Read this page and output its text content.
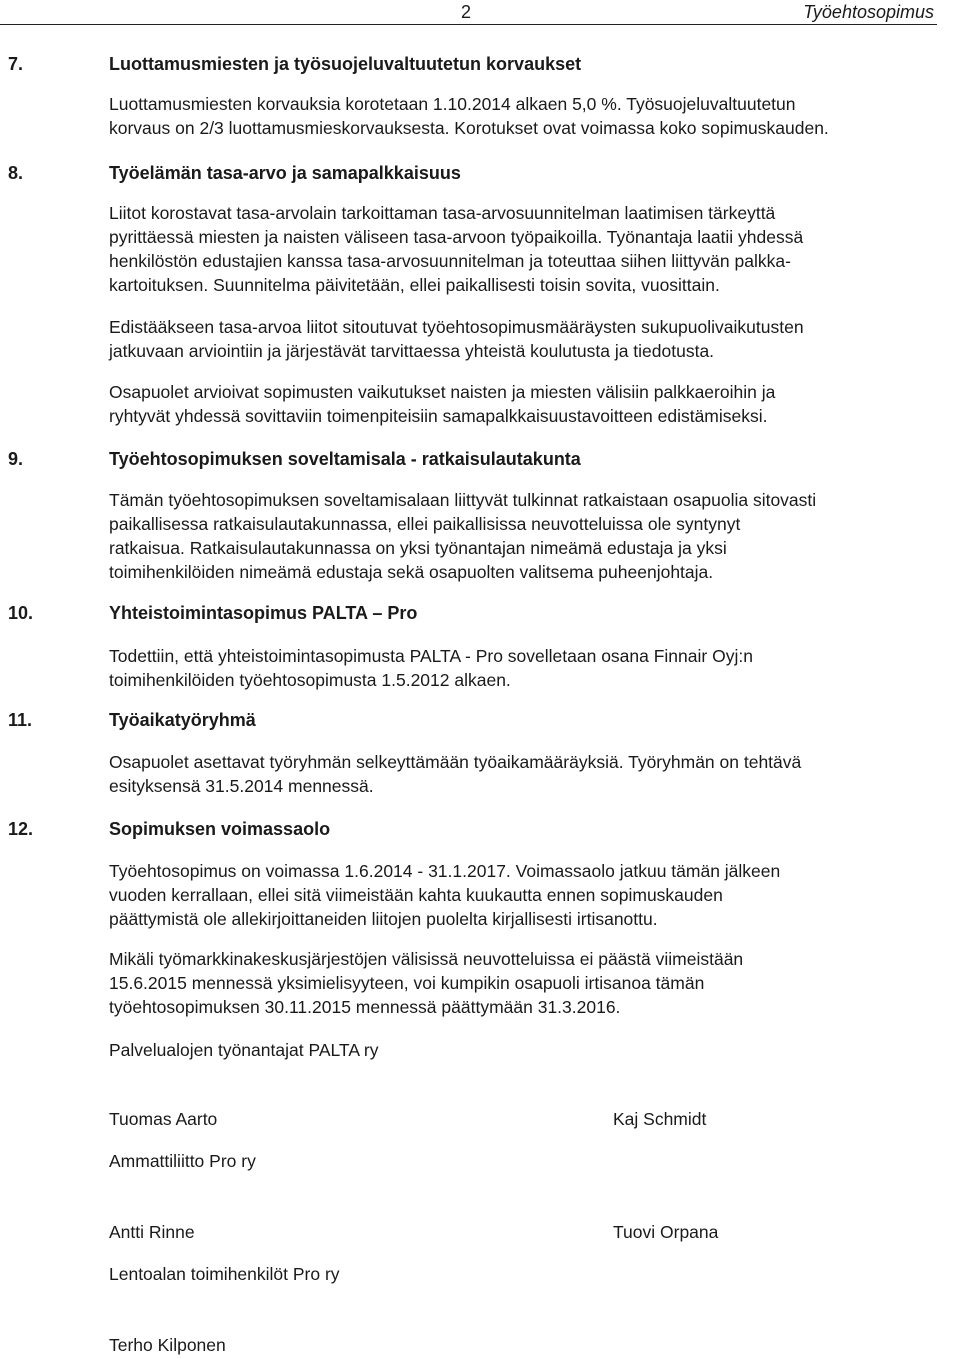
2	Työehtosopimus
7.	Luottamusmiesten ja työsuojeluvaltuutetun korvaukset
Luottamusmiesten korvauksia korotetaan 1.10.2014 alkaen 5,0 %. Työsuojeluvaltuutetun
korvaus on 2/3 luottamusmieskorvauksesta. Korotukset ovat voimassa koko sopimuskauden.
8.	Työelämän tasa-arvo ja samapalkkaisuus
Liitot korostavat tasa-arvolain tarkoittaman tasa-arvosuunnitelman laatimisen tärkeyttä
pyrittäessä miesten ja naisten väliseen tasa-arvoon työpaikoilla. Työnantaja laatii yhdessä
henkilöstön edustajien kanssa tasa-arvosuunnitelman ja toteuttaa siihen liittyvän palkka-
kartoituksen. Suunnitelma päivitetään, ellei paikallisesti toisin sovita, vuosittain.
Edistääkseen tasa-arvoa liitot sitoutuvat työehtosopimusmääräysten sukupuolivaikutusten
jatkuvaan arviointiin ja järjestävät tarvittaessa yhteistä koulutusta ja tiedotusta.
Osapuolet arvioivat sopimusten vaikutukset naisten ja miesten välisiin palkkaeroihin ja
ryhtyvät yhdessä sovittaviin toimenpiteisiin samapalkkaisuustavoitteen edistämiseksi.
9.	Työehtosopimuksen soveltamisala - ratkaisulautakunta
Tämän työehtosopimuksen soveltamisalaan liittyvät tulkinnat ratkaistaan osapuolia sitovasti
paikallisessa ratkaisulautakunnassa, ellei paikallisissa neuvotteluissa ole syntynyt
ratkaisua. Ratkaisulautakunnassa on yksi työnantajan nimeämä edustaja ja yksi
toimihenkilöiden nimeämä edustaja sekä osapuolten valitsema puheenjohtaja.
10.	Yhteistoimintasopimus PALTA – Pro
Todettiin, että yhteistoimintasopimusta PALTA - Pro sovelletaan osana Finnair Oyj:n
toimihenkilöiden työehtosopimusta 1.5.2012 alkaen.
11.	Työaikatyöryhmä
Osapuolet asettavat työryhmän selkeyttämään työaikamääräyksiä. Työryhmän on tehtävä
esityksensä 31.5.2014 mennessä.
12.	Sopimuksen voimassaolo
Työehtosopimus on voimassa 1.6.2014 - 31.1.2017. Voimassaolo jatkuu tämän jälkeen
vuoden kerrallaan, ellei sitä viimeistään kahta kuukautta ennen sopimuskauden
päättymistä ole allekirjoittaneiden liitojen puolelta kirjallisesti irtisanottu.
Mikäli työmarkkinakeskusjärjestöjen välisissä neuvotteluissa ei päästä viimeistään
15.6.2015 mennessä yksimielisyyteen, voi kumpikin osapuoli irtisanoa tämän
työehtosopimuksen 30.11.2015 mennessä päättymään 31.3.2016.
Palvelualojen työnantajat PALTA ry
Tuomas Aarto	Kaj Schmidt
Ammattiliitto Pro ry
Antti Rinne	Tuovi Orpana
Lentoalan toimihenkilöt Pro ry
Terho Kilponen
